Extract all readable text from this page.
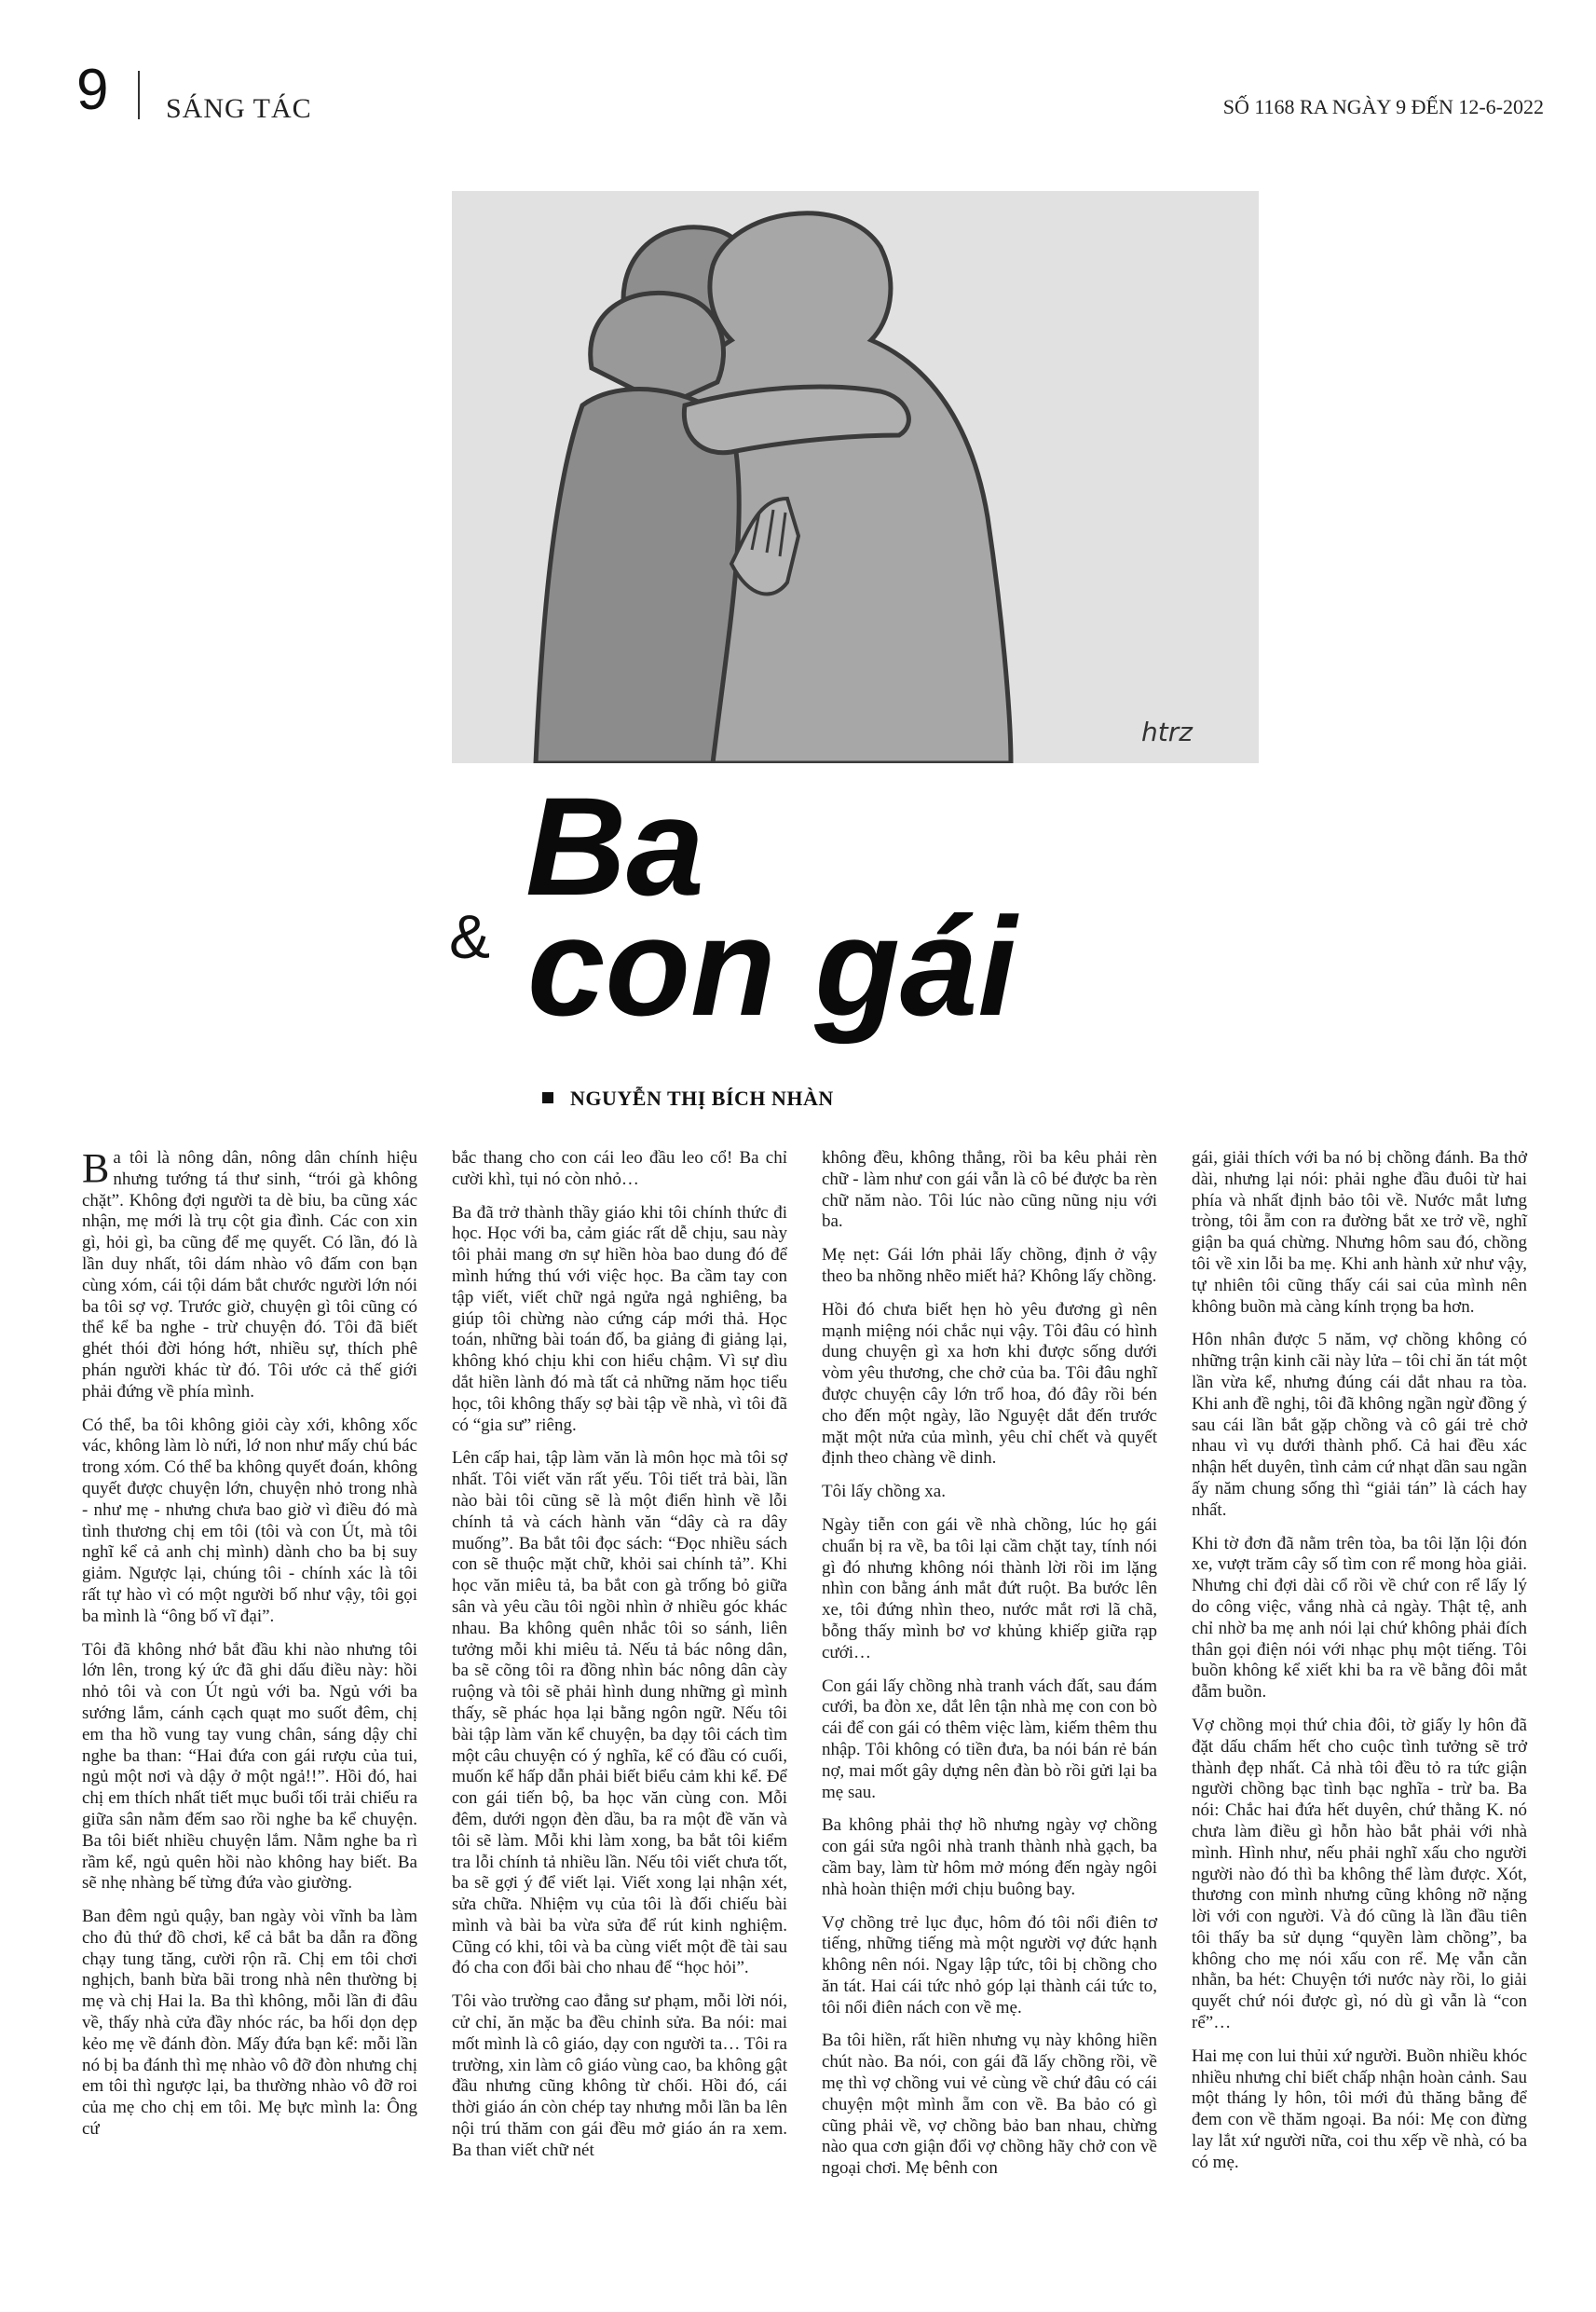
9 SÁNG TÁC	SỐ 1168 RA NGÀY 9 ĐẾN 12-6-2022
htrz
Ba
& con gái
NGUYỄN THỊ BÍCH NHÀN

Ba tôi là nông dân, nông dân chính hiệu nhưng tướng tá thư sinh, “trói gà không chặt”. Không đợi người ta dè bỉu, ba cũng xác nhận, mẹ mới là trụ cột gia đình. Các con xin gì, hỏi gì, ba cũng để mẹ quyết. Có lần, đó là lần duy nhất, tôi dám nhào vô đấm con bạn cùng xóm, cái tội dám bắt chước người lớn nói ba tôi sợ vợ. Trước giờ, chuyện gì tôi cũng có thể kể ba nghe - trừ chuyện đó. Tôi đã biết ghét thói đời hóng hớt, nhiều sự, thích phê phán người khác từ đó. Tôi ước cả thế giới phải đứng về phía mình.

Có thể, ba tôi không giỏi cày xới, không xốc vác, không làm lò nứi, lớ non như mấy chú bác trong xóm. Có thể ba không quyết đoán, không quyết được chuyện lớn, chuyện nhỏ trong nhà - như mẹ - nhưng chưa bao giờ vì điều đó mà tình thương chị em tôi (tôi và con Út, mà tôi nghĩ kể cả anh chị mình) dành cho ba bị suy giảm. Ngược lại, chúng tôi - chính xác là tôi rất tự hào vì có một người bố như vậy, tôi gọi ba mình là “ông bố vĩ đại”.

Tôi đã không nhớ bắt đầu khi nào nhưng tôi lớn lên, trong ký ức đã ghi dấu điều này: hồi nhỏ tôi và con Út ngủ với ba. Ngủ với ba sướng lắm, cánh cạch quạt mo suốt đêm, chị em tha hồ vung tay vung chân, sáng dậy chỉ nghe ba than: “Hai đứa con gái rượu của tui, ngủ một nơi và dậy ở một ngả!!”. Hồi đó, hai chị em thích nhất tiết mục buổi tối trải chiếu ra giữa sân nằm đếm sao rồi nghe ba kể chuyện. Ba tôi biết nhiều chuyện lắm. Nằm nghe ba rì rầm kể, ngủ quên hồi nào không hay biết. Ba sẽ nhẹ nhàng bế từng đứa vào giường.

Ban đêm ngủ quậy, ban ngày vòi vĩnh ba làm cho đủ thứ đồ chơi, kể cả bắt ba dẫn ra đồng chạy tung tăng, cười rộn rã. Chị em tôi chơi nghịch, banh bừa bãi trong nhà nên thường bị mẹ và chị Hai la. Ba thì không, mỗi lần đi đâu về, thấy nhà cửa đầy nhóc rác, ba hối dọn dẹp kẻo mẹ về đánh đòn. Mấy đứa bạn kể: mỗi lần nó bị ba đánh thì mẹ nhào vô đỡ đòn nhưng chị em tôi thì ngược lại, ba thường nhào vô đỡ roi của mẹ cho chị em tôi. Mẹ bực mình la: Ông cứ

bắc thang cho con cái leo đầu leo cổ! Ba chỉ cười khì, tụi nó còn nhỏ…

Ba đã trở thành thầy giáo khi tôi chính thức đi học. Học với ba, cảm giác rất dễ chịu, sau này tôi phải mang ơn sự hiền hòa bao dung đó để mình hứng thú với việc học. Ba cầm tay con tập viết, viết chữ ngả ngửa ngả nghiêng, ba giúp tôi chừng nào cứng cáp mới thả. Học toán, những bài toán đố, ba giảng đi giảng lại, không khó chịu khi con hiểu chậm. Vì sự dìu dắt hiền lành đó mà tất cả những năm học tiểu học, tôi không thấy sợ bài tập về nhà, vì tôi đã có “gia sư” riêng.

Lên cấp hai, tập làm văn là môn học mà tôi sợ nhất. Tôi viết văn rất yếu. Tôi tiết trả bài, lần nào bài tôi cũng sẽ là một điển hình về lỗi chính tả và cách hành văn “dây cà ra dây muống”. Ba bắt tôi đọc sách: “Đọc nhiều sách con sẽ thuộc mặt chữ, khỏi sai chính tả”. Khi học văn miêu tả, ba bắt con gà trống bỏ giữa sân và yêu cầu tôi ngồi nhìn ở nhiều góc khác nhau. Ba không quên nhắc tôi so sánh, liên tưởng mỗi khi miêu tả. Nếu tả bác nông dân, ba sẽ cõng tôi ra đồng nhìn bác nông dân cày ruộng và tôi sẽ phải hình dung những gì mình thấy, sẽ phác họa lại bằng ngôn ngữ. Nếu tôi bài tập làm văn kể chuyện, ba dạy tôi cách tìm một câu chuyện có ý nghĩa, kể có đầu có cuối, muốn kể hấp dẫn phải biết biểu cảm khi kể. Để con gái tiến bộ, ba học văn cùng con. Mỗi đêm, dưới ngọn đèn dầu, ba ra một đề văn và tôi sẽ làm. Mỗi khi làm xong, ba bắt tôi kiểm tra lỗi chính tả nhiều lần. Nếu tôi viết chưa tốt, ba sẽ gợi ý để viết lại. Viết xong lại nhận xét, sửa chữa. Nhiệm vụ của tôi là đối chiếu bài mình và bài ba vừa sửa để rút kinh nghiệm. Cũng có khi, tôi và ba cùng viết một đề tài sau đó cha con đổi bài cho nhau để “học hỏi”.

Tôi vào trường cao đẳng sư phạm, mỗi lời nói, cử chỉ, ăn mặc ba đều chỉnh sửa. Ba nói: mai mốt mình là cô giáo, dạy con người ta… Tôi ra trường, xin làm cô giáo vùng cao, ba không gật đầu nhưng cũng không từ chối. Hồi đó, cái thời giáo án còn chép tay nhưng mỗi lần ba lên nội trú thăm con gái đều mở giáo án ra xem. Ba than viết chữ nét

không đều, không thẳng, rồi ba kêu phải rèn chữ - làm như con gái vẫn là cô bé được ba rèn chữ năm nào. Tôi lúc nào cũng nũng nịu với ba.

Mẹ nẹt: Gái lớn phải lấy chồng, định ở vậy theo ba nhõng nhẽo miết hả? Không lấy chồng.

Hồi đó chưa biết hẹn hò yêu đương gì nên mạnh miệng nói chắc nụi vậy. Tôi đâu có hình dung chuyện gì xa hơn khi được sống dưới vòm yêu thương, che chở của ba. Tôi đâu nghĩ được chuyện cây lớn trổ hoa, đó đây rồi bén cho đến một ngày, lão Nguyệt dắt đến trước mặt một nửa của mình, yêu chỉ chết và quyết định theo chàng về dinh.

Tôi lấy chồng xa.

Ngày tiễn con gái về nhà chồng, lúc họ gái chuẩn bị ra về, ba tôi lại cầm chặt tay, tính nói gì đó nhưng không nói thành lời rồi im lặng nhìn con bằng ánh mắt đứt ruột. Ba bước lên xe, tôi đứng nhìn theo, nước mắt rơi lã chã, bỗng thấy mình bơ vơ khủng khiếp giữa rạp cưới…

Con gái lấy chồng nhà tranh vách đất, sau đám cưới, ba đòn xe, dắt lên tận nhà mẹ con con bò cái để con gái có thêm việc làm, kiếm thêm thu nhập. Tôi không có tiền đưa, ba nói bán rẻ bán nợ, mai mốt gây dựng nên đàn bò rồi gửi lại ba mẹ sau.

Ba không phải thợ hồ nhưng ngày vợ chồng con gái sửa ngôi nhà tranh thành nhà gạch, ba cầm bay, làm từ hôm mở móng đến ngày ngôi nhà hoàn thiện mới chịu buông bay.

Vợ chồng trẻ lục đục, hôm đó tôi nổi điên tơ tiếng, những tiếng mà một người vợ đức hạnh không nên nói. Ngay lập tức, tôi bị chồng cho ăn tát. Hai cái tức nhỏ góp lại thành cái tức to, tôi nổi điên nách con về mẹ.

Ba tôi hiền, rất hiền nhưng vụ này không hiền chút nào. Ba nói, con gái đã lấy chồng rồi, về mẹ thì vợ chồng vui vẻ cùng về chứ đâu có cái chuyện một mình ẵm con về. Ba bảo có gì cũng phải về, vợ chồng bảo ban nhau, chừng nào qua cơn giận đổi vợ chồng hãy chở con về ngoại chơi. Mẹ bênh con

gái, giải thích với ba nó bị chồng đánh. Ba thở dài, nhưng lại nói: phải nghe đầu đuôi từ hai phía và nhất định bảo tôi về. Nước mắt lưng tròng, tôi ẵm con ra đường bắt xe trở về, nghĩ giận ba quá chừng. Nhưng hôm sau đó, chồng tôi về xin lỗi ba mẹ. Khi anh hành xử như vậy, tự nhiên tôi cũng thấy cái sai của mình nên không buồn mà càng kính trọng ba hơn.

Hôn nhân được 5 năm, vợ chồng không có những trận kinh cãi này lửa – tôi chỉ ăn tát một lần vừa kể, nhưng đúng cái dắt nhau ra tòa. Khi anh đề nghị, tôi đã không ngần ngừ đồng ý sau cái lần bắt gặp chồng và cô gái trẻ chở nhau vì vụ dưới thành phố. Cả hai đều xác nhận hết duyên, tình cảm cứ nhạt dần sau ngần ấy năm chung sống thì “giải tán” là cách hay nhất.

Khi tờ đơn đã nằm trên tòa, ba tôi lặn lội đón xe, vượt trăm cây số tìm con rể mong hòa giải. Nhưng chỉ đợi dài cổ rồi về chứ con rể lấy lý do công việc, vắng nhà cả ngày. Thật tệ, anh chỉ nhờ ba mẹ anh nói lại chứ không phải đích thân gọi điện nói với nhạc phụ một tiếng. Tôi buồn không kể xiết khi ba ra về bằng đôi mắt đẫm buồn.

Vợ chồng mọi thứ chia đôi, tờ giấy ly hôn đã đặt dấu chấm hết cho cuộc tình tưởng sẽ trở thành đẹp nhất. Cả nhà tôi đều tỏ ra tức giận người chồng bạc tình bạc nghĩa - trừ ba. Ba nói: Chắc hai đứa hết duyên, chứ thằng K. nó chưa làm điều gì hỗn hào bắt phải với nhà mình. Hình như, nếu phải nghĩ xấu cho người người nào đó thì ba không thể làm được. Xót, thương con mình nhưng cũng không nỡ nặng lời với con người. Và đó cũng là lần đầu tiên tôi thấy ba sử dụng “quyền làm chồng”, ba không cho mẹ nói xấu con rể. Mẹ vẫn cằn nhằn, ba hét: Chuyện tới nước này rồi, lo giải quyết chứ nói được gì, nó dù gì vẫn là “con rể”…

Hai mẹ con lui thủi xứ người. Buồn nhiều khóc nhiều nhưng chỉ biết chấp nhận hoàn cảnh. Sau một tháng ly hôn, tôi mới đủ thăng bằng để đem con về thăm ngoại. Ba nói: Mẹ con đừng lay lắt xứ người nữa, coi thu xếp về nhà, có ba có mẹ.
